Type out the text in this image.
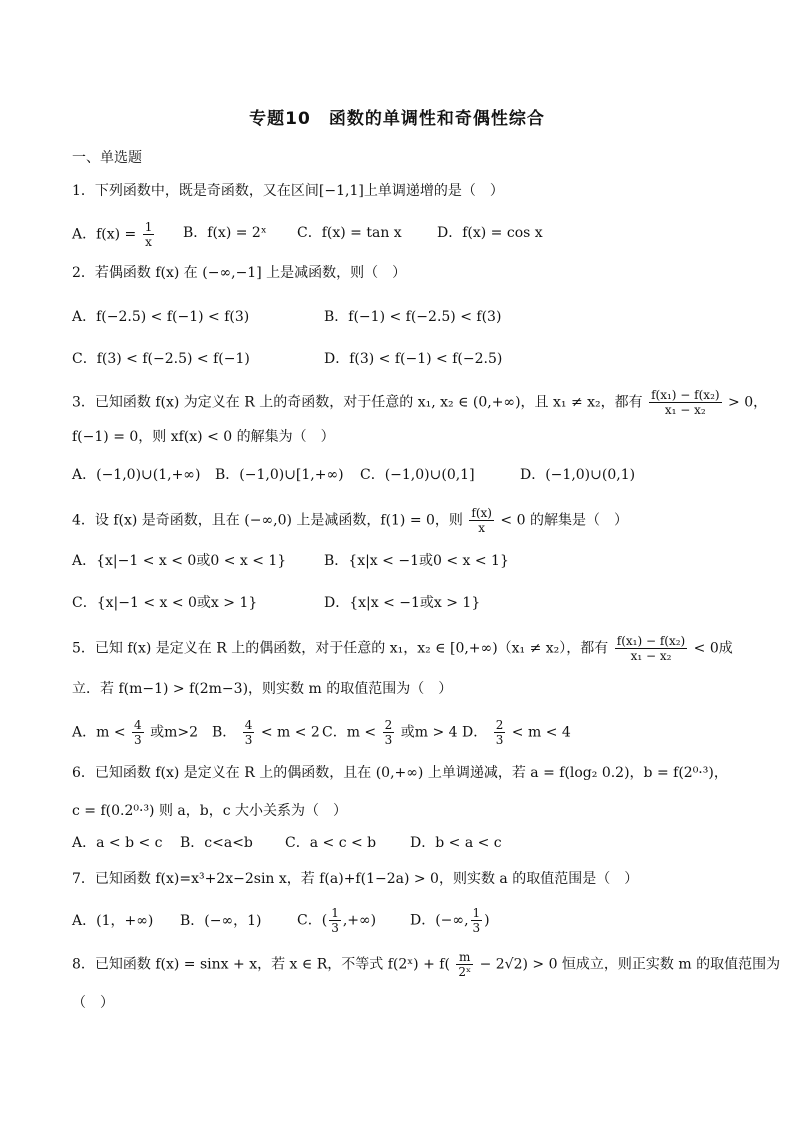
专题10　函数的单调性和奇偶性综合
一、单选题
1．下列函数中，既是奇函数，又在区间[−1,1]上单调递增的是（　）
A．$f(x) = \frac{1}{x}$ B．f(x) = 2ˣ C．f(x) = tan x	D．f(x) = cos x
2．若偶函数 f(x) 在 (−∞,−1] 上是减函数，则（　）
A．f(−2.5) < f(−1) < f(3)	B．f(−1) < f(−2.5) < f(3)
C．f(3) < f(−2.5) < f(−1)	D．f(3) < f(−1) < f(−2.5)
3．已知函数 f(x) 为定义在 R 上的奇函数，对于任意的 x₁, x₂ ∈ (0,+∞)，且 x₁ ≠ x₂，都有 $\frac{\text{f(x₁) − f(x₂)}}{\text{x₁ − x₂}} > 0$，
f(−1) = 0，则 xf(x) < 0 的解集为（　）
A．(−1,0)∪(1,+∞) B．(−1,0)∪[1,+∞) C．(−1,0)∪(0,1]	D．(−1,0)∪(0,1)
4．设 f(x) 是奇函数，且在 (−∞,0) 上是减函数，f(1) = 0，则 $\frac{f(x)}{x} < 0$ 的解集是（　）
A．{x|−1 < x < 0或0 < x < 1}	B．{x|x < −1或0 < x < 1}
C．{x|−1 < x < 0或x > 1}	D．{x|x < −1或x > 1}
5．已知 f(x) 是定义在 R 上的偶函数，对于任意的 x₁，x₂ ∈ [0,+∞)（x₁ ≠ x₂），都有 $\frac{\text{f(x₁) − f(x₂)}}{\text{x₁ − x₂}} < 0$成
立．若 f(m−1) > f(2m−3)，则实数 m 的取值范围为（　）
A．$m < \frac{4}{3}$ 或m>2 B． $\frac{4}{3} < m < 2$ C．$m < \frac{2}{3}$ 或m > 4 D． $\frac{2}{3} < m < 4$
6．已知函数 f(x) 是定义在 R 上的偶函数，且在 (0,+∞) 上单调递减，若 a = f(log₂ 0.2)，b = f(2⁰·³)，
c = f(0.2⁰·³) 则 a，b，c 大小关系为（　）
A．a < b < c B．c<a<b C．a < c < b D．b < a < c
7．已知函数 f(x)=x³+2x−2sin x，若 f(a)+f(1−2a) > 0，则实数 a 的取值范围是（　）
A．(1，+∞) B．(−∞，1)	C．( $\frac{1}{3}$ ,+∞) D．(−∞, $\frac{1}{3}$ )
8．已知函数 f(x) = sinx + x，若 x ∈ R，不等式 f(2ˣ) + $f( \frac{m}{\text{2ˣ}} - 2√2) > 0$ 恒成立，则正实数 m 的取值范围为
（　）
